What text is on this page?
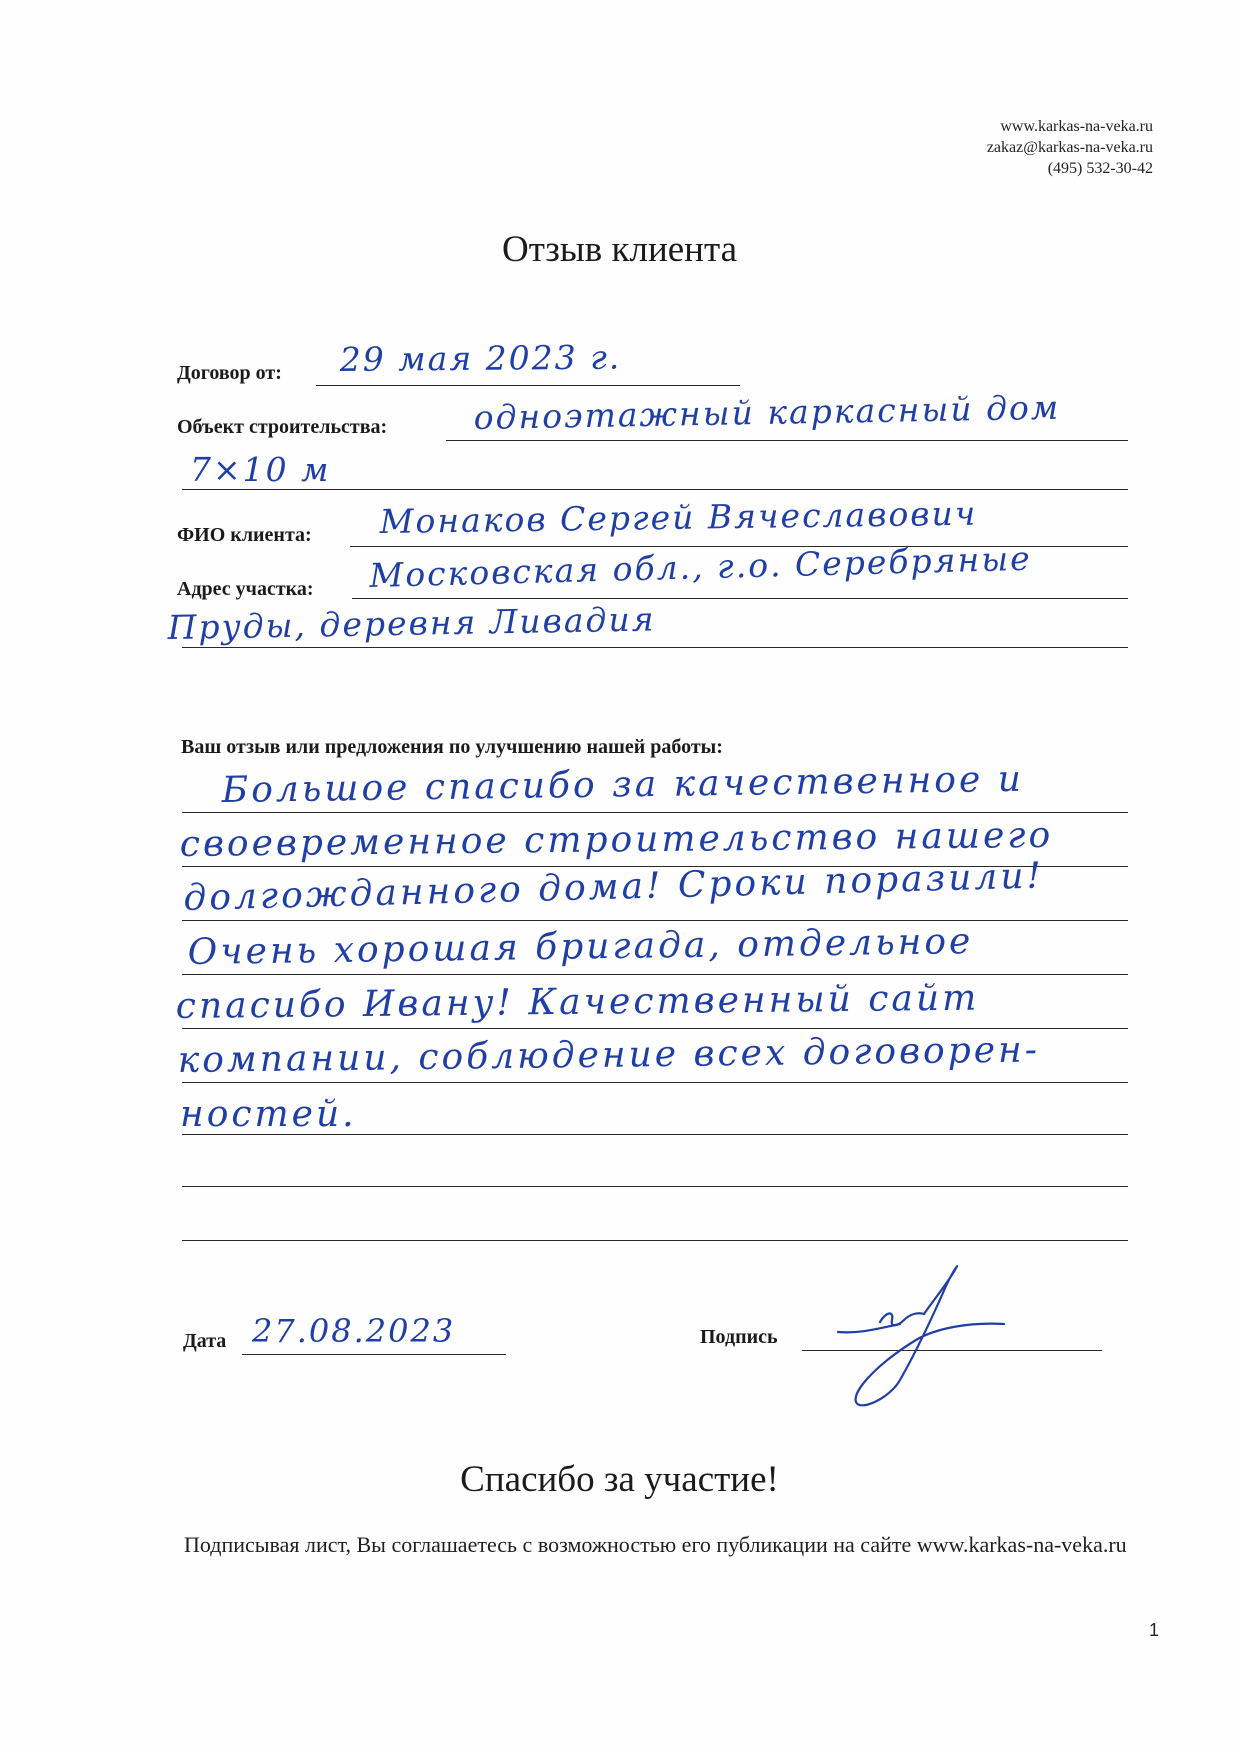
www.karkas-na-veka.ru
zakaz@karkas-na-veka.ru
(495) 532-30-42
Отзыв клиента
Договор от: 29 мая 2023 г.
Объект строительства:	одноэтажный каркасный дом
7×10 м
ФИО клиента: Монаков Сергей Вячеславович
Адрес участка: Московская обл., г.о. Серебряные
Пруды, деревня Ливадия
Ваш отзыв или предложения по улучшению нашей работы:
Большое спасибо за качественное и
своевременное строительство нашего
долгожданного дома! Сроки поразили!
Очень хорошая бригада, отдельное
спасибо Ивану! Качественный сайт
компании, соблюдение всех договорен-
ностей.
Дата 27.08.2023	Подпись
Спасибо за участие!
Подписывая лист, Вы соглашаетесь с возможностью его публикации на сайте www.karkas-na-veka.ru
1
